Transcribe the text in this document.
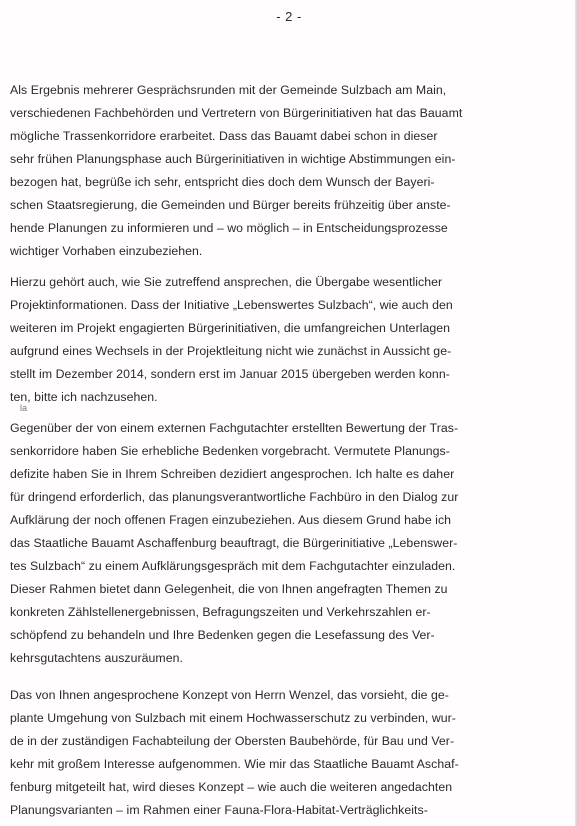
- 2 -
Als Ergebnis mehrerer Gesprächsrunden mit der Gemeinde Sulzbach am Main,
verschiedenen Fachbehörden und Vertretern von Bürgerinitiativen hat das Bauamt
mögliche Trassenkorridore erarbeitet. Dass das Bauamt dabei schon in dieser
sehr frühen Planungsphase auch Bürgerinitiativen in wichtige Abstimmungen ein-
bezogen hat, begrüße ich sehr, entspricht dies doch dem Wunsch der Bayeri-
schen Staatsregierung, die Gemeinden und Bürger bereits frühzeitig über anste-
hende Planungen zu informieren und – wo möglich – in Entscheidungsprozesse
wichtiger Vorhaben einzubeziehen.
Hierzu gehört auch, wie Sie zutreffend ansprechen, die Übergabe wesentlicher
Projektinformationen. Dass der Initiative „Lebenswertes Sulzbach“, wie auch den
weiteren im Projekt engagierten Bürgerinitiativen, die umfangreichen Unterlagen
aufgrund eines Wechsels in der Projektleitung nicht wie zunächst in Aussicht ge-
stellt im Dezember 2014, sondern erst im Januar 2015 übergeben werden konn-
ten, bitte ich nachzusehen.
la
Gegenüber der von einem externen Fachgutachter erstellten Bewertung der Tras-
senkorridore haben Sie erhebliche Bedenken vorgebracht. Vermutete Planungs-
defizite haben Sie in Ihrem Schreiben dezidiert angesprochen. Ich halte es daher
für dringend erforderlich, das planungsverantwortliche Fachbüro in den Dialog zur
Aufklärung der noch offenen Fragen einzubeziehen. Aus diesem Grund habe ich
das Staatliche Bauamt Aschaffenburg beauftragt, die Bürgerinitiative „Lebenswer-
tes Sulzbach“ zu einem Aufklärungsgespräch mit dem Fachgutachter einzuladen.
Dieser Rahmen bietet dann Gelegenheit, die von Ihnen angefragten Themen zu
konkreten Zählstellenergebnissen, Befragungszeiten und Verkehrszahlen er-
schöpfend zu behandeln und Ihre Bedenken gegen die Lesefassung des Ver-
kehrsgutachtens auszuräumen.
Das von Ihnen angesprochene Konzept von Herrn Wenzel, das vorsieht, die ge-
plante Umgehung von Sulzbach mit einem Hochwasserschutz zu verbinden, wur-
de in der zuständigen Fachabteilung der Obersten Baubehörde, für Bau und Ver-
kehr mit großem Interesse aufgenommen. Wie mir das Staatliche Bauamt Aschaf-
fenburg mitgeteilt hat, wird dieses Konzept – wie auch die weiteren angedachten
Planungsvarianten – im Rahmen einer Fauna-Flora-Habitat-Verträglichkeits-
